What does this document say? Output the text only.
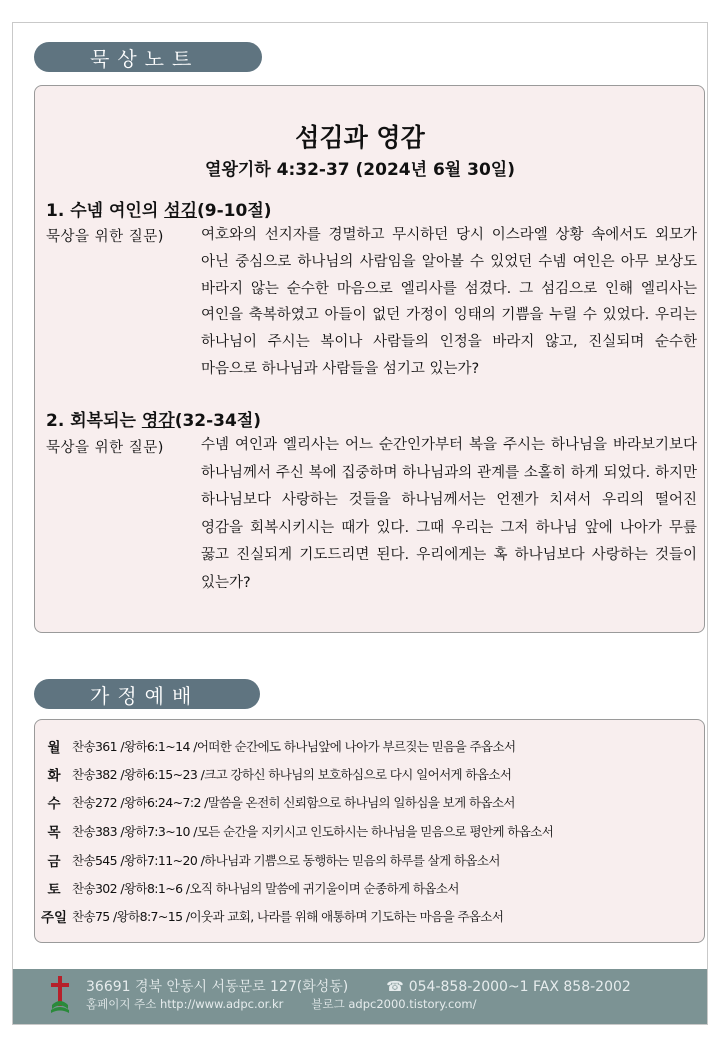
묵상노트
섬김과 영감
열왕기하 4:32-37 (2024년 6월 30일)
1. 수넴 여인의 섬김(9-10절)
묵상을 위한 질문)	여호와의 선지자를 경멸하고 무시하던 당시 이스라엘 상황 속에서도 외모가 아닌 중심으로 하나님의 사람임을 알아볼 수 있었던 수넴 여인은 아무 보상도 바라지 않는 순수한 마음으로 엘리사를 섬겼다. 그 섬김으로 인해 엘리사는 여인을 축복하였고 아들이 없던 가정이 잉태의 기쁨을 누릴 수 있었다. 우리는 하나님이 주시는 복이나 사람들의 인정을 바라지 않고, 진실되며 순수한 마음으로 하나님과 사람들을 섬기고 있는가?
2. 회복되는 영감(32-34절)
묵상을 위한 질문)	수넴 여인과 엘리사는 어느 순간인가부터 복을 주시는 하나님을 바라보기보다 하나님께서 주신 복에 집중하며 하나님과의 관계를 소홀히 하게 되었다. 하지만 하나님보다 사랑하는 것들을 하나님께서는 언젠가 치셔서 우리의 떨어진 영감을 회복시키시는 때가 있다. 그때 우리는 그저 하나님 앞에 나아가 무릎 꿇고 진실되게 기도드리면 된다. 우리에게는 혹 하나님보다 사랑하는 것들이 있는가?
가정예배
월 찬송361 /왕하6:1~14 /어떠한 순간에도 하나님앞에 나아가 부르짖는 믿음을 주옵소서
화 찬송382 /왕하6:15~23 /크고 강하신 하나님의 보호하심으로 다시 일어서게 하옵소서
수 찬송272 /왕하6:24~7:2 /말씀을 온전히 신뢰함으로 하나님의 일하심을 보게 하옵소서
목 찬송383 /왕하7:3~10 /모든 순간을 지키시고 인도하시는 하나님을 믿음으로 평안케 하옵소서
금 찬송545 /왕하7:11~20 /하나님과 기쁨으로 동행하는 믿음의 하루를 살게 하옵소서
토 찬송302 /왕하8:1~6 /오직 하나님의 말씀에 귀기울이며 순종하게 하옵소서
주일 찬송75 /왕하8:7~15 /이웃과 교회, 나라를 위해 애통하며 기도하는 마음을 주옵소서
36691 경북 안동시 서동문로 127(화성동)	☎ 054-858-2000~1 FAX 858-2002
홈페이지 주소 http://www.adpc.or.kr 블로그 adpc2000.tistory.com/
